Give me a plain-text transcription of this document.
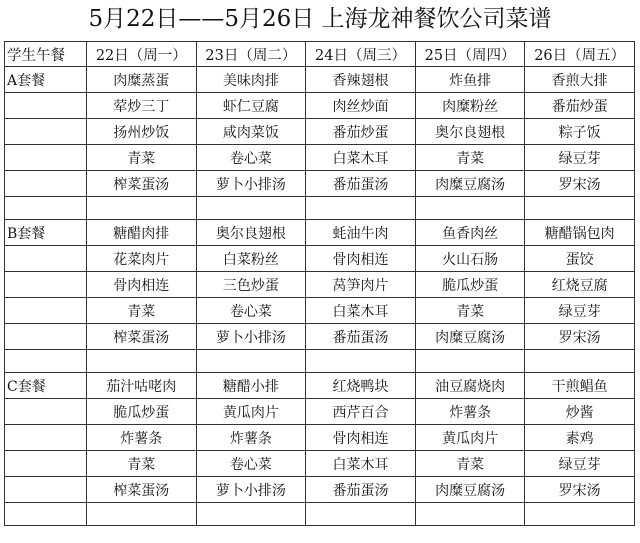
5月22日——5月26日 上海龙神餐饮公司菜谱
学生午餐	22日（周一）	23日（周二）	24日（周三）	25日（周四）	26日（周五）
A套餐	肉糜蒸蛋	美味肉排	香辣翅根	炸鱼排	香煎大排
	荤炒三丁	虾仁豆腐	肉丝炒面	肉糜粉丝	番茄炒蛋
	扬州炒饭	咸肉菜饭	番茄炒蛋	奥尔良翅根	粽子饭
	青菜	卷心菜	白菜木耳	青菜	绿豆芽
	榨菜蛋汤	萝卜小排汤	番茄蛋汤	肉糜豆腐汤	罗宋汤

B套餐	糖醋肉排	奥尔良翅根	蚝油牛肉	鱼香肉丝	糖醋锅包肉
	花菜肉片	白菜粉丝	骨肉相连	火山石肠	蛋饺
	骨肉相连	三色炒蛋	莴笋肉片	脆瓜炒蛋	红烧豆腐
	青菜	卷心菜	白菜木耳	青菜	绿豆芽
	榨菜蛋汤	萝卜小排汤	番茄蛋汤	肉糜豆腐汤	罗宋汤

C套餐	茄汁咕咾肉	糖醋小排	红烧鸭块	油豆腐烧肉	干煎鲳鱼
	脆瓜炒蛋	黄瓜肉片	西芹百合	炸薯条	炒酱
	炸薯条	炸薯条	骨肉相连	黄瓜肉片	素鸡
	青菜	卷心菜	白菜木耳	青菜	绿豆芽
	榨菜蛋汤	萝卜小排汤	番茄蛋汤	肉糜豆腐汤	罗宋汤
